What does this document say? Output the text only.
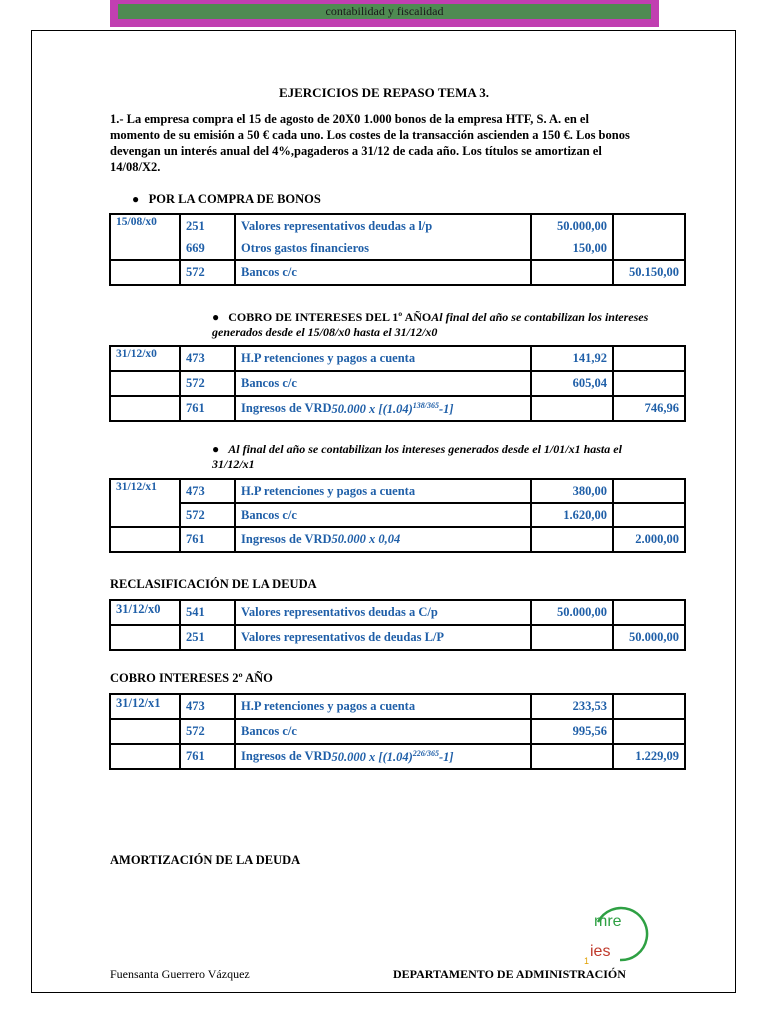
contabilidad y fiscalidad
EJERCICIOS DE REPASO TEMA 3.
1.- La empresa compra el 15 de agosto de 20X0 1.000 bonos de la empresa HTF, S. A. en el momento de su emisión a 50 € cada uno. Los costes de la transacción ascienden a 150 €. Los bonos devengan un interés anual del 4%,pagaderos a 31/12 de cada año. Los títulos se amortizan el 14/08/X2.
● POR LA COMPRA DE BONOS
15/08/x0	251	Valores representativos deudas a l/p	50.000,00	
	669	Otros gastos financieros	150,00	
	572	Bancos c/c		50.150,00
● COBRO DE INTERESES DEL 1º AÑOAl final del año se contabilizan los intereses generados desde el 15/08/x0 hasta el 31/12/x0
31/12/x0	473	H.P retenciones y pagos a cuenta	141,92	
	572	Bancos c/c	605,04	
	761	Ingresos de VRD50.000 x $[(1.04)^{138/365}-1]$		746,96
● Al final del año se contabilizan los intereses generados desde el 1/01/x1 hasta el 31/12/x1
31/12/x1	473	H.P retenciones y pagos a cuenta	380,00	
	572	Bancos c/c	1.620,00	
	761	Ingresos de VRD50.000 x 0,04		2.000,00
RECLASIFICACIÓN DE LA DEUDA
31/12/x0	541	Valores representativos deudas a C/p	50.000,00	
	251	Valores representativos de deudas L/P		50.000,00
COBRO INTERESES 2º AÑO
31/12/x1	473	H.P retenciones y pagos a cuenta	233,53	
	572	Bancos c/c	995,56	
	761	Ingresos de VRD50.000 x $[(1.04)^{226/365}-1]$		1.229,09
AMORTIZACIÓN DE LA DEUDA
mre
ies
1
Fuensanta Guerrero Vázquez	DEPARTAMENTO DE ADMINISTRACIÓN
